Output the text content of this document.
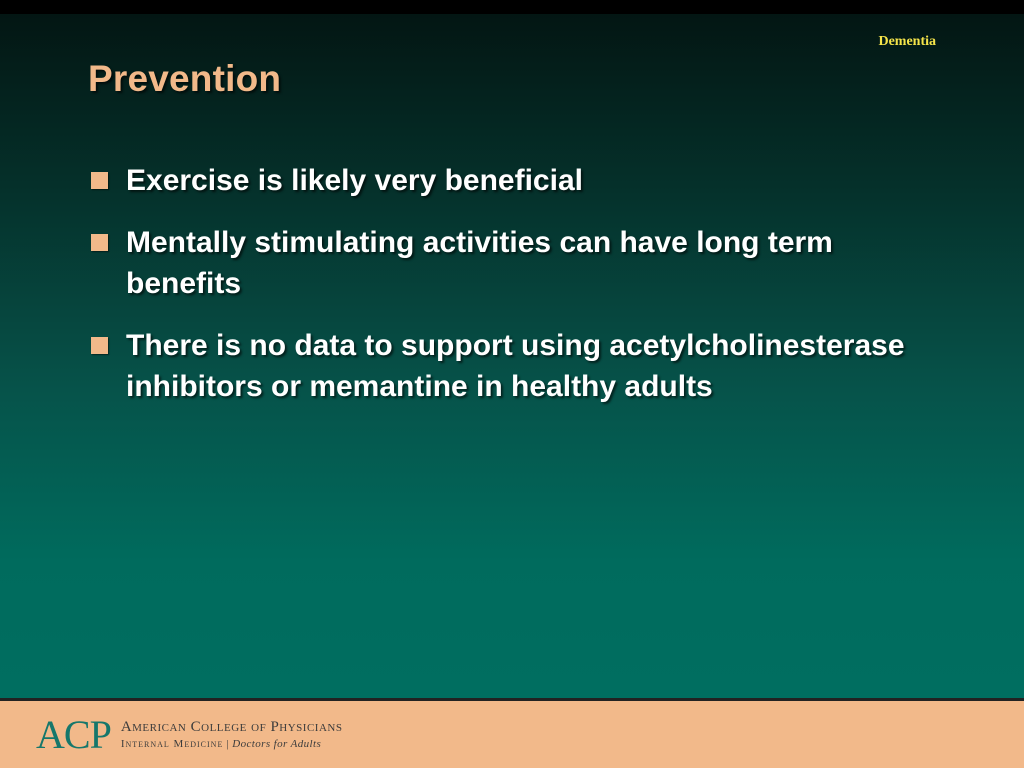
Dementia
Prevention
Exercise is likely very beneficial
Mentally stimulating activities can have long term benefits
There is no data to support using acetylcholinesterase inhibitors or memantine in healthy adults
ACP American College of Physicians
Internal Medicine | Doctors for Adults
